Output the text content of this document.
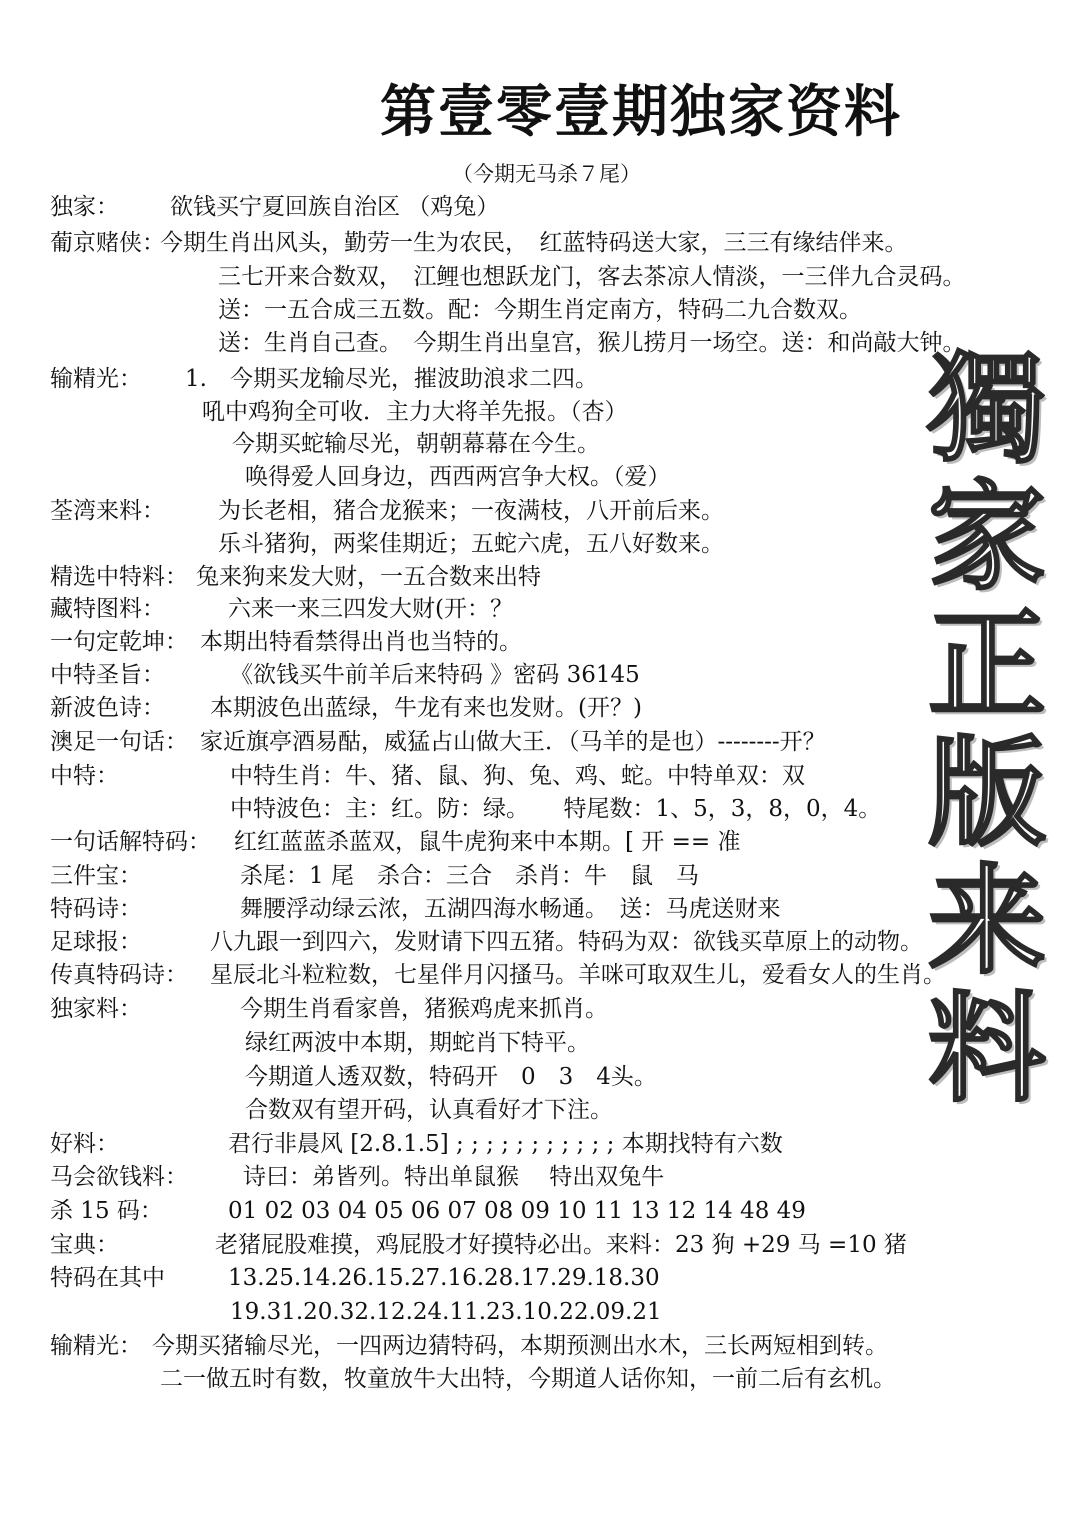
第壹零壹期独家资料
（今期无马杀７尾）
獨
家
正
版
来
料
独家： 欲钱买宁夏回族自治区 （鸡兔）
葡京赌侠：
今期生肖出风头，勤劳一生为农民，　红蓝特码送大家，三三有缘结伴来。
三七开来合数双，　江鲤也想跃龙门，客去茶凉人情淡，一三伴九合灵码。
送：一五合成三五数。配：今期生肖定南方，特码二九合数双。
送：生肖自己查。　今期生肖出皇宫，猴儿捞月一场空。送：和尚敲大钟。
输精光： 1.　今期买龙输尽光，摧波助浪求二四。
吼中鸡狗全可收．主力大将羊先报。（杏）
今期买蛇输尽光，朝朝幕幕在今生。
唤得爱人回身边，西西两宫争大权。（爱）
荃湾来料： 为长老相，猪合龙猴来；一夜满枝，八开前后来。
乐斗猪狗，两桨佳期近；五蛇六虎，五八好数来。
精选中特料： 兔来狗来发大财，一五合数来出特
藏特图料：	六来一来三四发大财(开：？
一句定乾坤： 本期出特看禁得出肖也当特的。
中特圣旨：	《欲钱买牛前羊后来特码 》密码 36145
新波色诗： 本期波色出蓝绿，牛龙有来也发财。(开？)
澳足一句话： 家近旗亭酒易酤，威猛占山做大王．（马羊的是也）--------开？
中特：	中特生肖：牛、猪、鼠、狗、兔、鸡、蛇。中特单双：双
中特波色：主：红。防：绿。　　特尾数：1、5，3，8，0，4。
一句话解特码： 红红蓝蓝杀蓝双，鼠牛虎狗来中本期。[ 开 == 准
三件宝：	杀尾：1 尾　杀合：三合　杀肖：牛　鼠　马
特码诗：	舞腰浮动绿云浓，五湖四海水畅通。　送：马虎送财来
足球报：	八九跟一到四六，发财请下四五猪。特码为双：欲钱买草原上的动物。
传真特码诗： 星辰北斗粒粒数，七星伴月闪搔马。羊咪可取双生儿，爱看女人的生肖。
独家料：	今期生肖看家兽，猪猴鸡虎来抓肖。
绿红两波中本期，期蛇肖下特平。
今期道人透双数，特码开　0　3　4头。
合数双有望开码，认真看好才下注。
好料：	君行非晨风 [2.8.1.5] ; ; ; ; ; ; ; ; ; ; ; 本期找特有六数
马会欲钱料： 诗曰：弟皆列。特出单鼠猴　 特出双兔牛
杀 15 码：	01 02 03 04 05 06 07 08 09 10 11 13 12 14 48 49
宝典：	老猪屁股难摸，鸡屁股才好摸特必出。来料：23 狗 +29 马 =10 猪
特码在其中	13.25.14.26.15.27.16.28.17.29.18.30
19.31.20.32.12.24.11.23.10.22.09.21
输精光： 今期买猪输尽光，一四两边猜特码，本期预测出水木，三长两短相到转。
二一做五时有数，牧童放牛大出特，今期道人话你知，一前二后有玄机。
